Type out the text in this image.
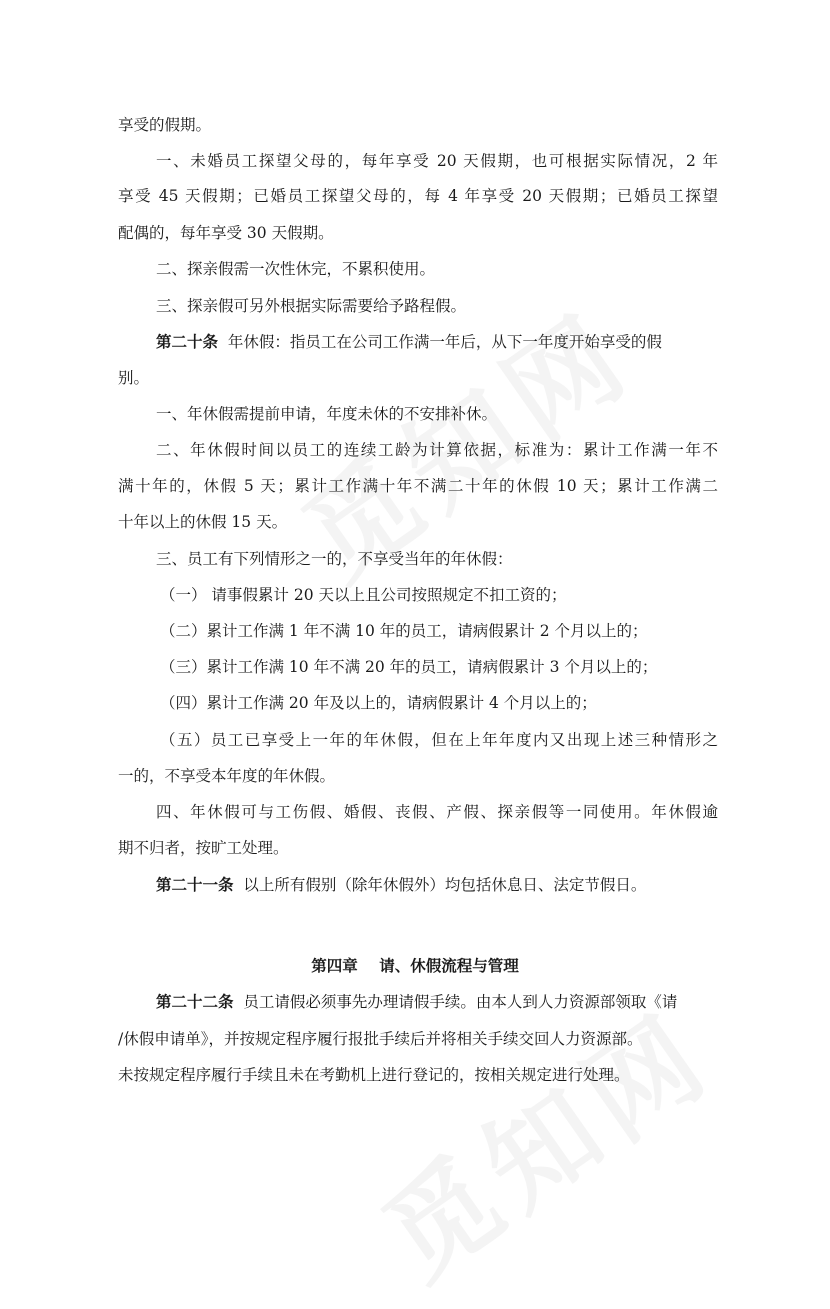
享受的假期。
一、未婚员工探望父母的，每年享受 20 天假期，也可根据实际情况，2 年
享受 45 天假期；已婚员工探望父母的，每 4 年享受 20 天假期；已婚员工探望
配偶的，每年享受 30 天假期。
二、探亲假需一次性休完，不累积使用。
三、探亲假可另外根据实际需要给予路程假。
第二十条 年休假：指员工在公司工作满一年后，从下一年度开始享受的假
别。
一、年休假需提前申请，年度未休的不安排补休。
二、年休假时间以员工的连续工龄为计算依据，标准为：累计工作满一年不
满十年的，休假 5 天；累计工作满十年不满二十年的休假 10 天；累计工作满二
十年以上的休假 15 天。
三、员工有下列情形之一的，不享受当年的年休假：
（一） 请事假累计 20 天以上且公司按照规定不扣工资的；
（二）累计工作满 1 年不满 10 年的员工，请病假累计 2 个月以上的；
（三）累计工作满 10 年不满 20 年的员工，请病假累计 3 个月以上的；
（四）累计工作满 20 年及以上的，请病假累计 4 个月以上的；
（五）员工已享受上一年的年休假，但在上年年度内又出现上述三种情形之
一的，不享受本年度的年休假。
四、年休假可与工伤假、婚假、丧假、产假、探亲假等一同使用。年休假逾
期不归者，按旷工处理。
第二十一条 以上所有假别（除年休假外）均包括休息日、法定节假日。
第四章    请、休假流程与管理
第二十二条 员工请假必须事先办理请假手续。由本人到人力资源部领取《请
/休假申请单》，并按规定程序履行报批手续后并将相关手续交回人力资源部。
未按规定程序履行手续且未在考勤机上进行登记的，按相关规定进行处理。
